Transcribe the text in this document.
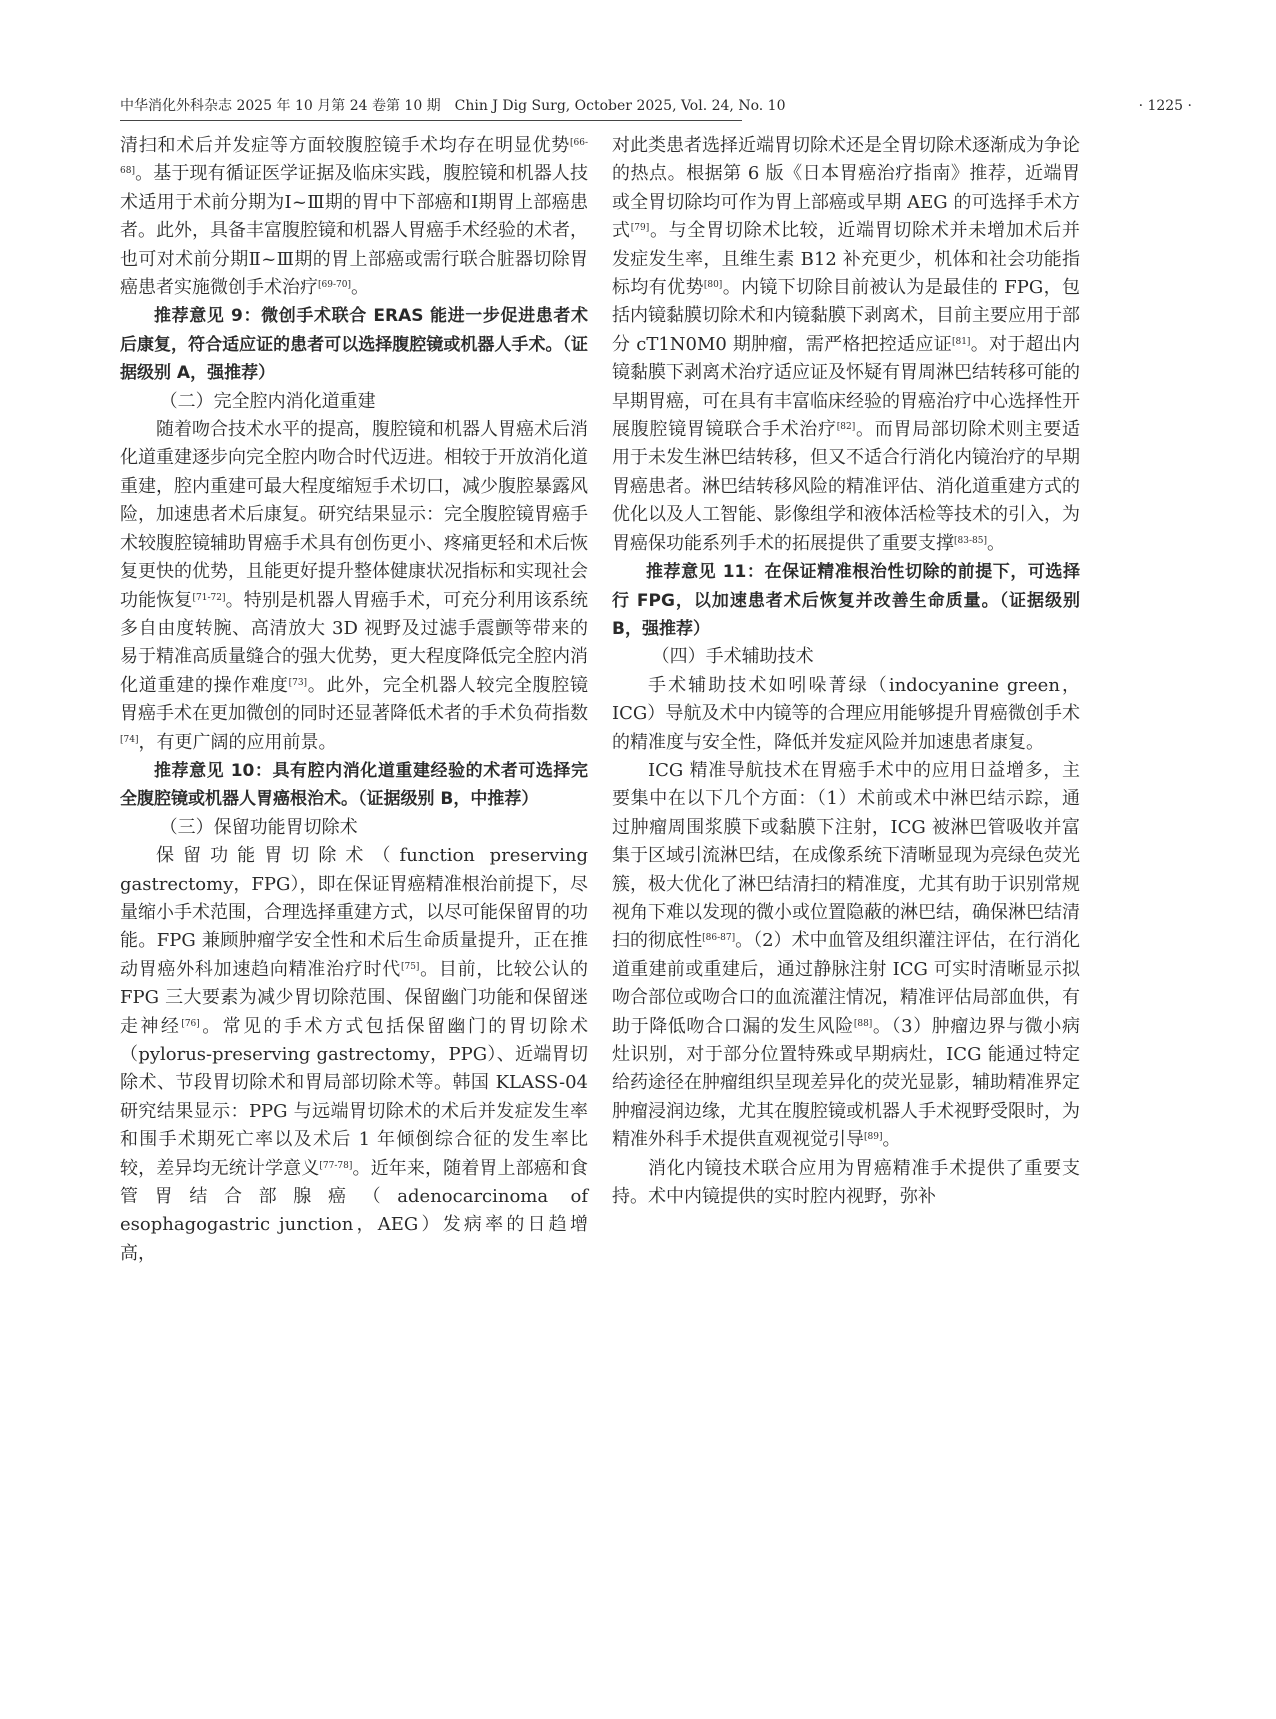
中华消化外科杂志 2025 年 10 月第 24 卷第 10 期　Chin J Dig Surg, October 2025, Vol. 24, No. 10	· 1225 ·

清扫和术后并发症等方面较腹腔镜手术均存在明显优势[66-68]。基于现有循证医学证据及临床实践，腹腔镜和机器人技术适用于术前分期为Ⅰ~Ⅲ期的胃中下部癌和Ⅰ期胃上部癌患者。此外，具备丰富腹腔镜和机器人胃癌手术经验的术者，也可对术前分期Ⅱ~Ⅲ期的胃上部癌或需行联合脏器切除胃癌患者实施微创手术治疗[69-70]。

推荐意见 9：微创手术联合 ERAS 能进一步促进患者术后康复，符合适应证的患者可以选择腹腔镜或机器人手术。（证据级别 A，强推荐）

（二）完全腔内消化道重建

随着吻合技术水平的提高，腹腔镜和机器人胃癌术后消化道重建逐步向完全腔内吻合时代迈进。相较于开放消化道重建，腔内重建可最大程度缩短手术切口，减少腹腔暴露风险，加速患者术后康复。研究结果显示：完全腹腔镜胃癌手术较腹腔镜辅助胃癌手术具有创伤更小、疼痛更轻和术后恢复更快的优势，且能更好提升整体健康状况指标和实现社会功能恢复[71-72]。特别是机器人胃癌手术，可充分利用该系统多自由度转腕、高清放大 3D 视野及过滤手震颤等带来的易于精准高质量缝合的强大优势，更大程度降低完全腔内消化道重建的操作难度[73]。此外，完全机器人较完全腹腔镜胃癌手术在更加微创的同时还显著降低术者的手术负荷指数[74]，有更广阔的应用前景。

推荐意见 10：具有腔内消化道重建经验的术者可选择完全腹腔镜或机器人胃癌根治术。（证据级别 B，中推荐）

（三）保留功能胃切除术

保留功能胃切除术（function preserving gastrectomy，FPG），即在保证胃癌精准根治前提下，尽量缩小手术范围，合理选择重建方式，以尽可能保留胃的功能。FPG 兼顾肿瘤学安全性和术后生命质量提升，正在推动胃癌外科加速趋向精准治疗时代[75]。目前，比较公认的 FPG 三大要素为减少胃切除范围、保留幽门功能和保留迷走神经[76]。常见的手术方式包括保留幽门的胃切除术（pylorus-preserving gastrectomy，PPG）、近端胃切除术、节段胃切除术和胃局部切除术等。韩国 KLASS-04 研究结果显示：PPG 与远端胃切除术的术后并发症发生率和围手术期死亡率以及术后 1 年倾倒综合征的发生率比较，差异均无统计学意义[77-78]。近年来，随着胃上部癌和食管胃结合部腺癌（adenocarcinoma of esophagogastric junction，AEG）发病率的日趋增高，

对此类患者选择近端胃切除术还是全胃切除术逐渐成为争论的热点。根据第 6 版《日本胃癌治疗指南》推荐，近端胃或全胃切除均可作为胃上部癌或早期 AEG 的可选择手术方式[79]。与全胃切除术比较，近端胃切除术并未增加术后并发症发生率，且维生素 B12 补充更少，机体和社会功能指标均有优势[80]。内镜下切除目前被认为是最佳的 FPG，包括内镜黏膜切除术和内镜黏膜下剥离术，目前主要应用于部分 cT1N0M0 期肿瘤，需严格把控适应证[81]。对于超出内镜黏膜下剥离术治疗适应证及怀疑有胃周淋巴结转移可能的早期胃癌，可在具有丰富临床经验的胃癌治疗中心选择性开展腹腔镜胃镜联合手术治疗[82]。而胃局部切除术则主要适用于未发生淋巴结转移，但又不适合行消化内镜治疗的早期胃癌患者。淋巴结转移风险的精准评估、消化道重建方式的优化以及人工智能、影像组学和液体活检等技术的引入，为胃癌保功能系列手术的拓展提供了重要支撑[83-85]。

推荐意见 11：在保证精准根治性切除的前提下，可选择行 FPG，以加速患者术后恢复并改善生命质量。（证据级别 B，强推荐）

（四）手术辅助技术

手术辅助技术如吲哚菁绿（indocyanine green，ICG）导航及术中内镜等的合理应用能够提升胃癌微创手术的精准度与安全性，降低并发症风险并加速患者康复。

ICG 精准导航技术在胃癌手术中的应用日益增多，主要集中在以下几个方面：（1）术前或术中淋巴结示踪，通过肿瘤周围浆膜下或黏膜下注射，ICG 被淋巴管吸收并富集于区域引流淋巴结，在成像系统下清晰显现为亮绿色荧光簇，极大优化了淋巴结清扫的精准度，尤其有助于识别常规视角下难以发现的微小或位置隐蔽的淋巴结，确保淋巴结清扫的彻底性[86-87]。（2）术中血管及组织灌注评估，在行消化道重建前或重建后，通过静脉注射 ICG 可实时清晰显示拟吻合部位或吻合口的血流灌注情况，精准评估局部血供，有助于降低吻合口漏的发生风险[88]。（3）肿瘤边界与微小病灶识别，对于部分位置特殊或早期病灶，ICG 能通过特定给药途径在肿瘤组织呈现差异化的荧光显影，辅助精准界定肿瘤浸润边缘，尤其在腹腔镜或机器人手术视野受限时，为精准外科手术提供直观视觉引导[89]。

消化内镜技术联合应用为胃癌精准手术提供了重要支持。术中内镜提供的实时腔内视野，弥补
